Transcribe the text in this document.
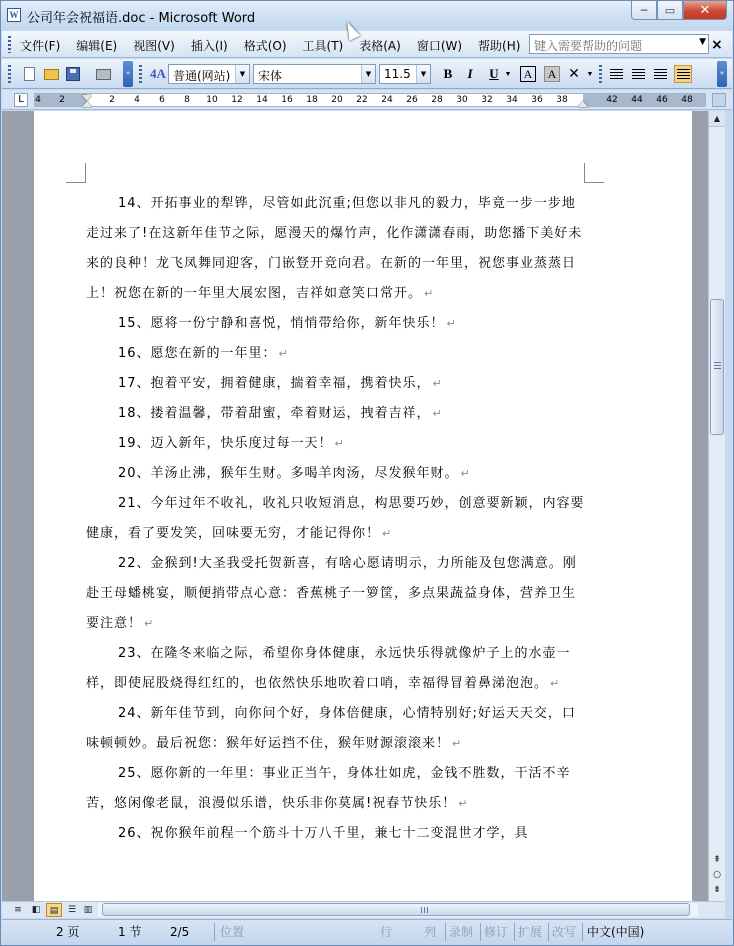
W 公司年会祝福语.doc - Microsoft Word
─	▭	✕
文件(F) 编辑(E) 视图(V) 插入(I) 格式(O) 工具(T) 表格(A) 窗口(W) 帮助(H)	键入需要帮助的问题	▼ ×
» 4A 普通(网站)	▼	宋体	▼	11.5	▼	B	I	U ▼	A	A ✕ ▼	»
L	4 2	2 4 6 8 10 12 14 16 18 20 22 24 26 28 30 32 34 36 38	42 44 46 48

14、开拓事业的犁铧，尽管如此沉重;但您以非凡的毅力，毕竟一步一步地走过来了!在这新年佳节之际，愿漫天的爆竹声，化作潇潇春雨，助您播下美好未来的良种！龙飞凤舞同迎客，门嵌豋开竞向君。在新的一年里，祝您事业蒸蒸日上！祝您在新的一年里大展宏图，吉祥如意笑口常开。 ↵

15、愿将一份宁静和喜悦，悄悄带给你，新年快乐！ ↵

16、愿您在新的一年里： ↵

17、抱着平安，拥着健康，揣着幸福，携着快乐， ↵

18、搂着温馨，带着甜蜜，牵着财运，拽着吉祥， ↵

19、迈入新年，快乐度过每一天！ ↵

20、羊汤止沸，猴年生财。多喝羊肉汤，尽发猴年财。 ↵

21、今年过年不收礼，收礼只收短消息，构思要巧妙，创意要新颖，内容要健康，看了要发笑，回味要无穷，才能记得你！ ↵

22、金猴到!大圣我受托贺新喜，有啥心愿请明示，力所能及包您满意。刚赴王母蟠桃宴，顺便捎带点心意：香蕉桃子一箩筐，多点果蔬益身体，营养卫生要注意！ ↵

23、在隆冬来临之际，希望你身体健康，永远快乐得就像炉子上的水壶一样，即使屁股烧得红红的，也依然快乐地吹着口哨，幸福得冒着鼻涕泡泡。 ↵

24、新年佳节到，向你问个好，身体倍健康，心情特别好;好运天天交，口味顿顿妙。最后祝您：猴年好运挡不住，猴年财源滚滚来！ ↵

25、愿你新的一年里：事业正当午，身体壮如虎，金钱不胜数，干活不辛苦，悠闲像老鼠，浪漫似乐谱，快乐非你莫属!祝春节快乐！ ↵

26、祝你猴年前程一个筋斗十万八千里，兼七十二变混世才学，具

▲
⇞
○
⇟
≡	◧	▤	☰ ▥
2 页	1 节 2/5	位置	行	列 录制 修订 扩展 改写 中文(中国)
